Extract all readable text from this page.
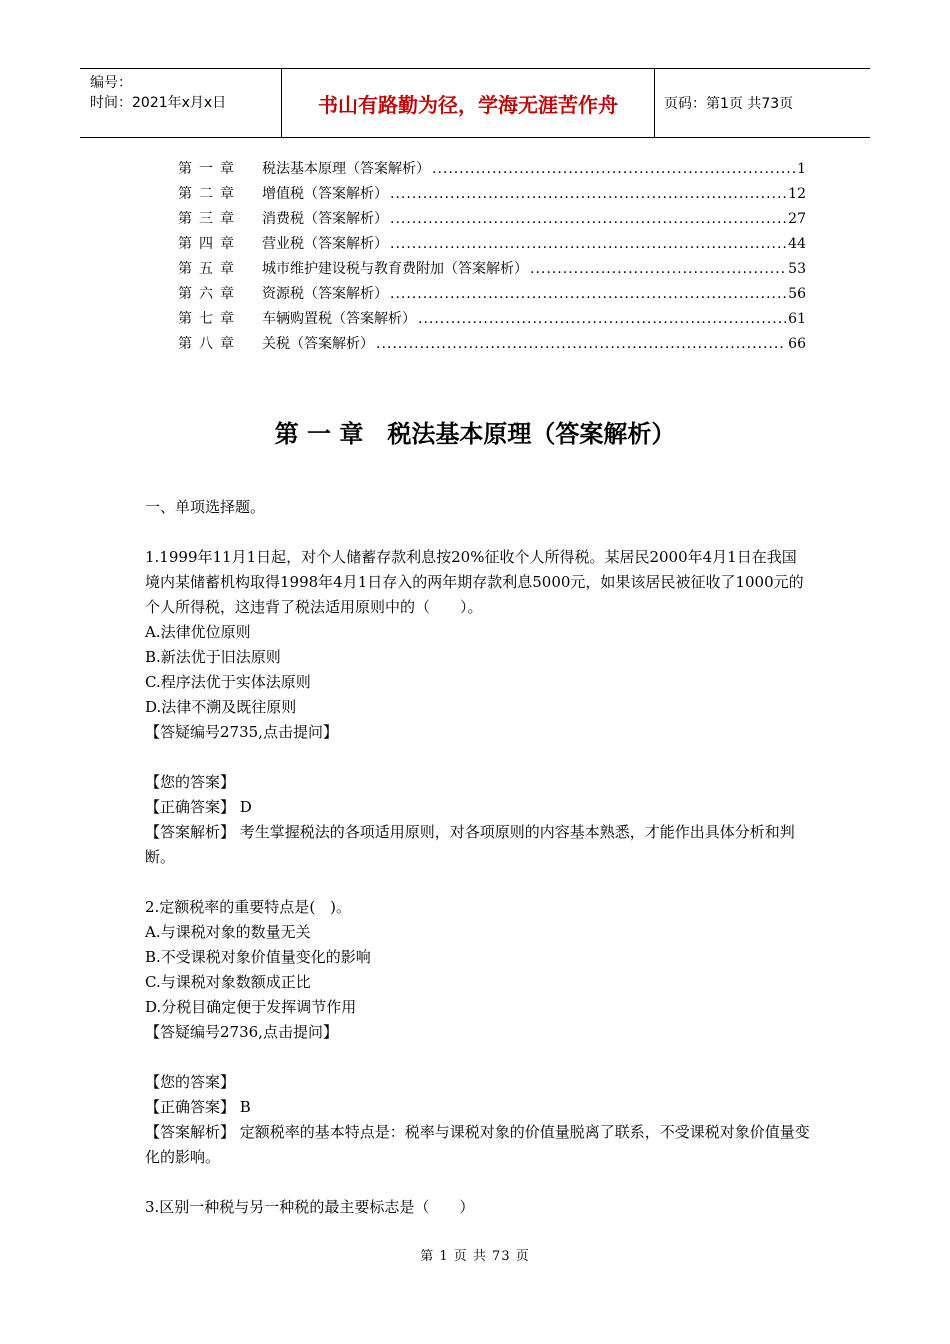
编号：
时间：2021年x月x日	书山有路勤为径，学海无涯苦作舟	页码：第1页 共73页
第一章	税法基本原理（答案解析） .....	1
第二章	增值税（答案解析） .....	12
第三章	消费税（答案解析） .....	27
第四章	营业税（答案解析） .....	44
第五章	城市维护建设税与教育费附加（答案解析） .....	53
第六章	资源税（答案解析） .....	56
第七章	车辆购置税（答案解析） .....	61
第八章	关税（答案解析） .....	66
第 一 章　税法基本原理（答案解析）

一、单项选择题。

1.1999年11月1日起，对个人储蓄存款利息按20%征收个人所得税。某居民2000年4月1日在我国境内某储蓄机构取得1998年4月1日存入的两年期存款利息5000元，如果该居民被征收了1000元的个人所得税，这违背了税法适用原则中的（　　）。

A.法律优位原则

B.新法优于旧法原则

C.程序法优于实体法原则

D.法律不溯及既往原则

【答疑编号2735,点击提问】

【您的答案】

【正确答案】 D

【答案解析】 考生掌握税法的各项适用原则，对各项原则的内容基本熟悉，才能作出具体分析和判断。

2.定额税率的重要特点是(　)。

A.与课税对象的数量无关

B.不受课税对象价值量变化的影响

C.与课税对象数额成正比

D.分税目确定便于发挥调节作用

【答疑编号2736,点击提问】

【您的答案】

【正确答案】 B

【答案解析】 定额税率的基本特点是：税率与课税对象的价值量脱离了联系，不受课税对象价值量变化的影响。

3.区别一种税与另一种税的最主要标志是（　　）

第 1 页 共 73 页
